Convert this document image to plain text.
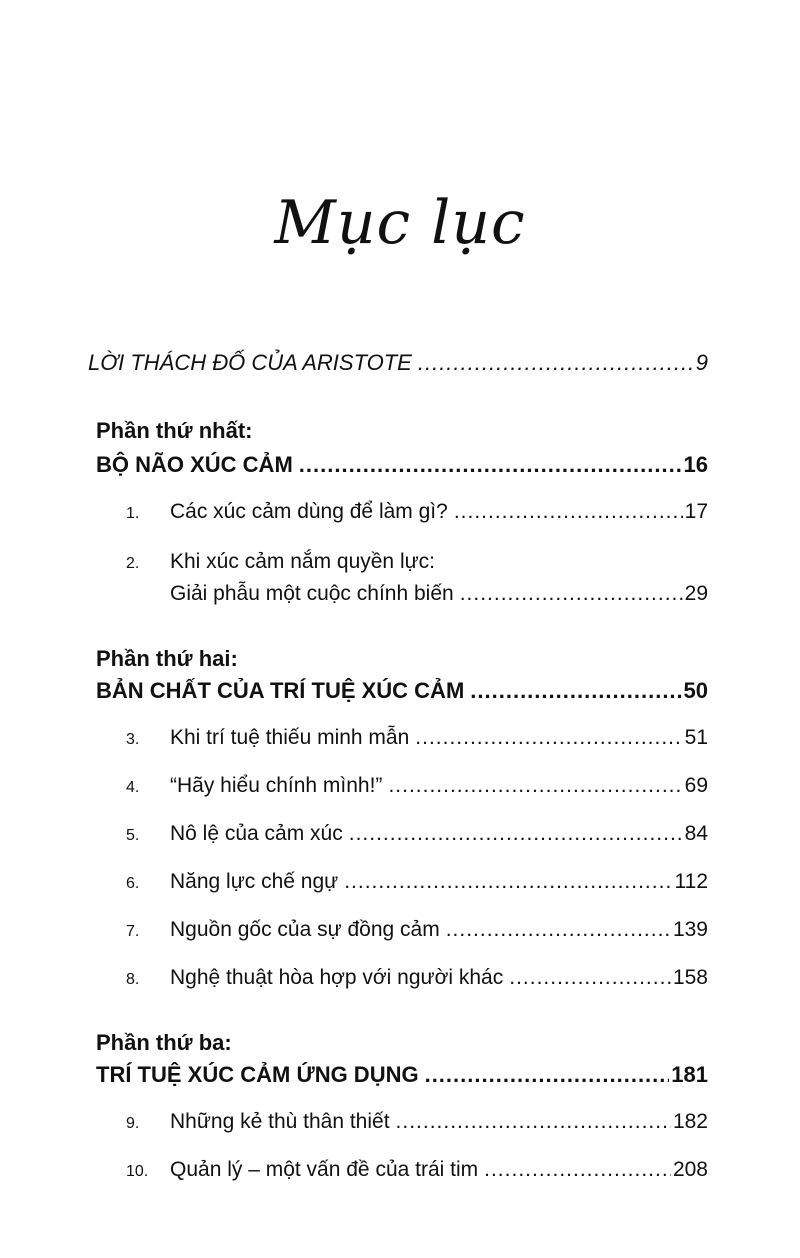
Mục lục
LỜI THÁCH ĐỐ CỦA ARISTOTE .....	9
Phần thứ nhất:
BỘ NÃO XÚC CẢM .....	16
1. Các xúc cảm dùng để làm gì? .....	17
2. Khi xúc cảm nắm quyền lực:
Giải phẫu một cuộc chính biến .....	29
Phần thứ hai:
BẢN CHẤT CỦA TRÍ TUỆ XÚC CẢM .....	50
3. Khi trí tuệ thiếu minh mẫn .....	51
4. “Hãy hiểu chính mình!” .....	69
5. Nô lệ của cảm xúc .....	84
6. Năng lực chế ngự .....	112
7. Nguồn gốc của sự đồng cảm .....	139
8. Nghệ thuật hòa hợp với người khác .....	158
Phần thứ ba:
TRÍ TUỆ XÚC CẢM ỨNG DỤNG .....	181
9. Những kẻ thù thân thiết .....	182
10. Quản lý – một vấn đề của trái tim .....	208
